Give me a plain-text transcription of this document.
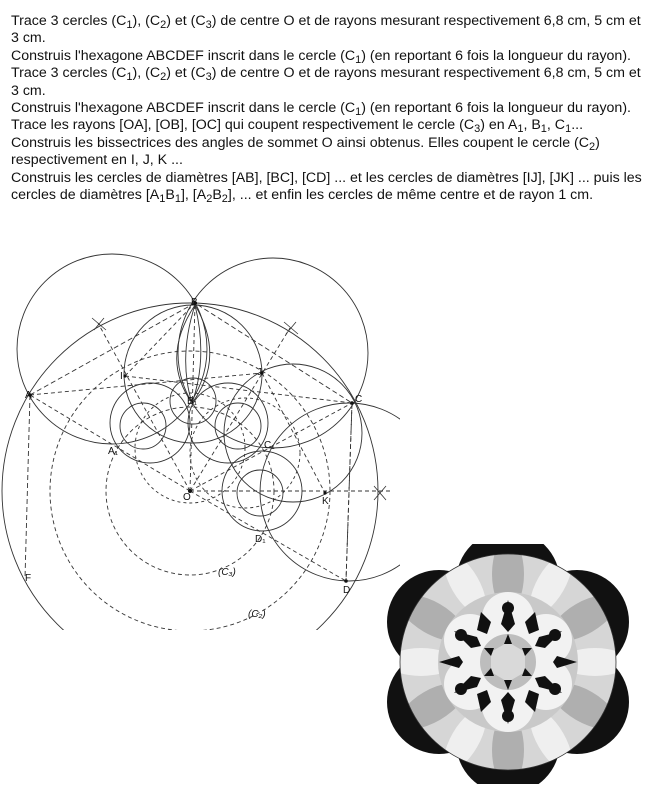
Trace 3 cercles $(C_1)$, $(C_2)$ et $(C_3)$ de centre O et de rayons mesurant respectivement 6,8 cm, 5 cm et 3 cm.

Construis l'hexagone ABCDEF inscrit dans le cercle $(C_1)$ (en reportant 6 fois la longueur du rayon).

Trace 3 cercles $(C_1)$, $(C_2)$ et $(C_3)$ de centre O et de rayons mesurant respectivement 6,8 cm, 5 cm et 3 cm.

Construis l'hexagone ABCDEF inscrit dans le cercle $(C_1)$ (en reportant 6 fois la longueur du rayon).

Trace les rayons [OA], [OB], [OC] qui coupent respectivement le cercle $(C_3)$ en $A_1$, $B_1$, $C_1$...

Construis les bissectrices des angles de sommet O ainsi obtenus. Elles coupent le cercle $(C_2)$ respectivement en I, J, K ...

Construis les cercles de diamètres [AB], [BC], [CD] ... et les cercles de diamètres [IJ], [JK] ... puis les cercles de diamètres $[A_1B_1]$, $[A_2B_2]$, ... et enfin les cercles de même centre et de rayon 1 cm.

A
B
C
D
F
O
I	J
K
A₁
B₁
C₁
D₁
(C₃)
(C₂)
